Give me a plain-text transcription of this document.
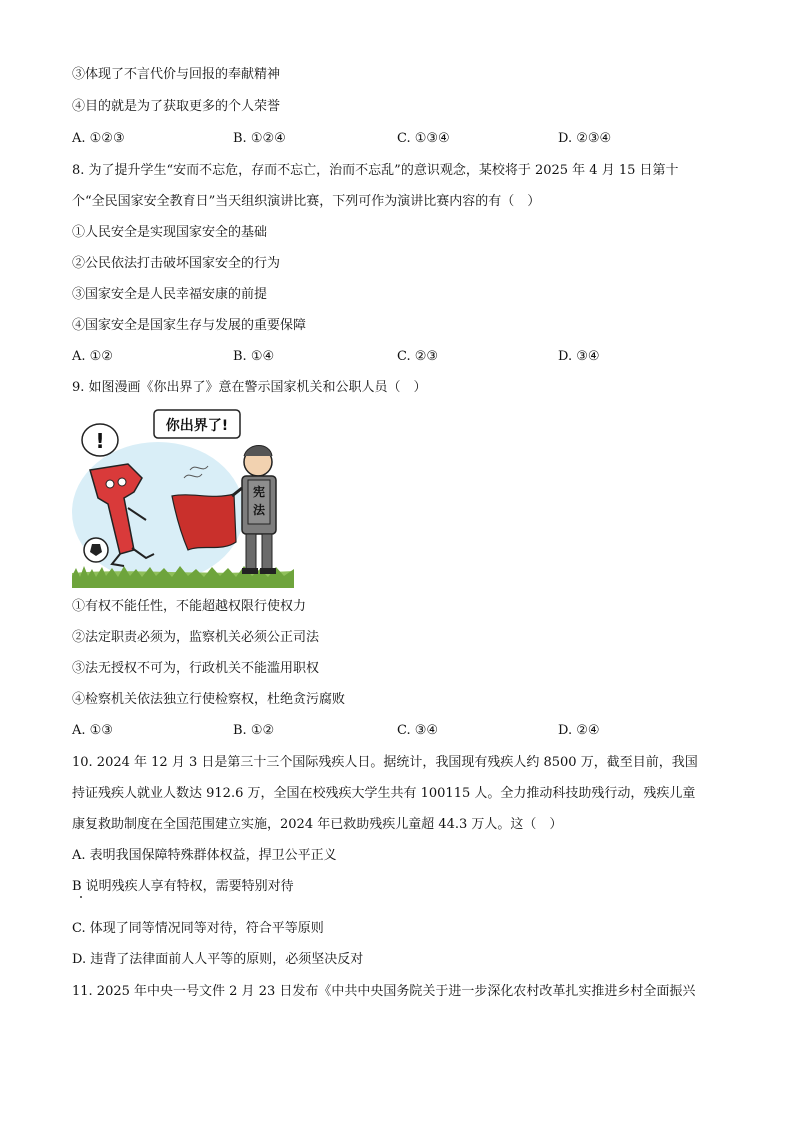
③体现了不言代价与回报的奉献精神
④目的就是为了获取更多的个人荣誉
A. ①②③	B. ①②④	C. ①③④	D. ②③④
8. 为了提升学生“安而不忘危，存而不忘亡，治而不忘乱”的意识观念，某校将于 2025 年 4 月 15 日第十
个“全民国家安全教育日”当天组织演讲比赛，下列可作为演讲比赛内容的有（　）
①人民安全是实现国家安全的基础
②公民依法打击破坏国家安全的行为
③国家安全是人民幸福安康的前提
④国家安全是国家生存与发展的重要保障
A. ①②	B. ①④	C. ②③	D. ③④
9. 如图漫画《你出界了》意在警示国家机关和公职人员（　）
你出界了!
!
宪
法
①有权不能任性，不能超越权限行使权力
②法定职责必须为，监察机关必须公正司法
③法无授权不可为，行政机关不能滥用职权
④检察机关依法独立行使检察权，杜绝贪污腐败
A. ①③	B. ①②	C. ③④	D. ②④
10. 2024 年 12 月 3 日是第三十三个国际残疾人日。据统计，我国现有残疾人约 8500 万，截至目前，我国
持证残疾人就业人数达 912.6 万，全国在校残疾大学生共有 100115 人。全力推动科技助残行动，残疾儿童
康复救助制度在全国范围建立实施，2024 年已救助残疾儿童超 44.3 万人。这（　）
A. 表明我国保障特殊群体权益，捍卫公平正义
B 说明残疾人享有特权，需要特别对待
C. 体现了同等情况同等对待，符合平等原则
D. 违背了法律面前人人平等的原则，必须坚决反对
11. 2025 年中央一号文件 2 月 23 日发布《中共中央国务院关于进一步深化农村改革扎实推进乡村全面振兴
